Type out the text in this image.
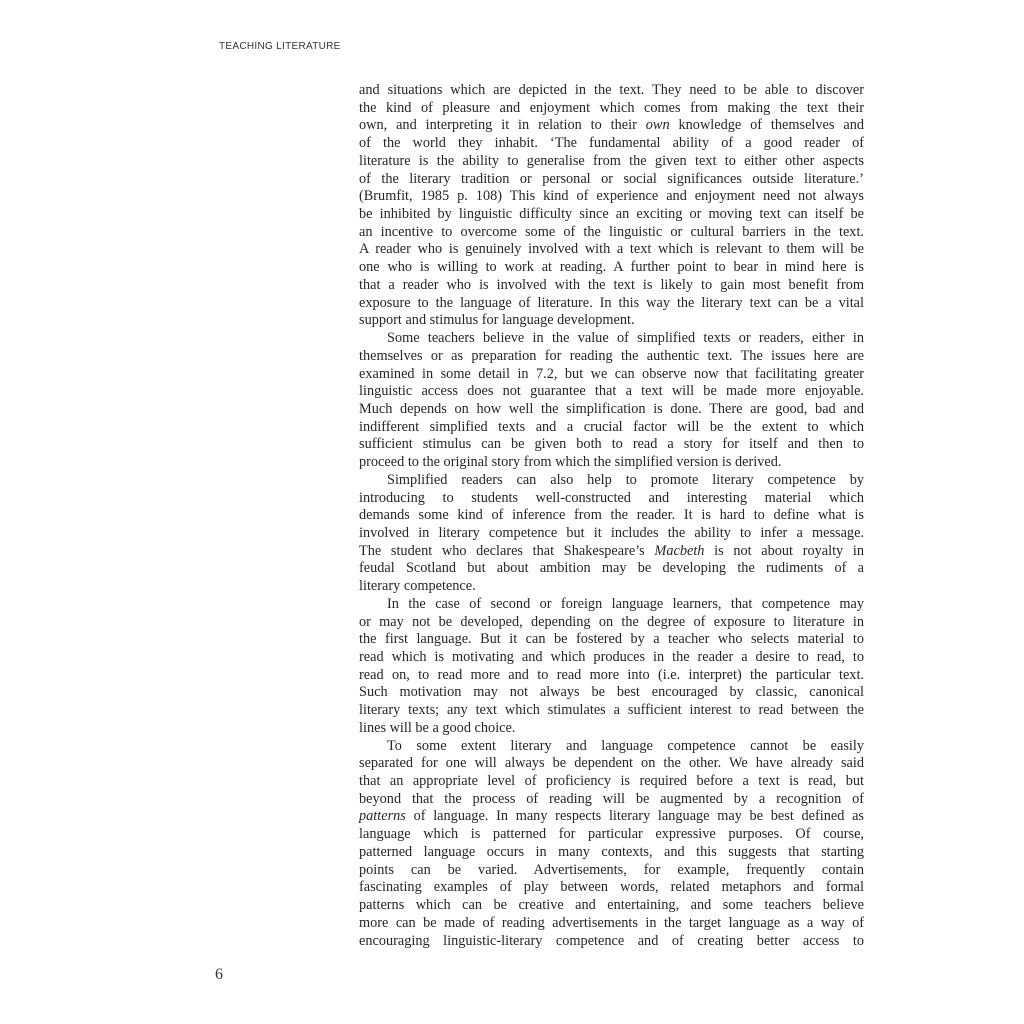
TEACHING LITERATURE
and situations which are depicted in the text. They need to be able to discover
the kind of pleasure and enjoyment which comes from making the text their
own, and interpreting it in relation to their own knowledge of themselves and
of the world they inhabit. ‘The fundamental ability of a good reader of
literature is the ability to generalise from the given text to either other aspects
of the literary tradition or personal or social significances outside literature.’
(Brumfit, 1985 p. 108) This kind of experience and enjoyment need not always
be inhibited by linguistic difficulty since an exciting or moving text can itself be
an incentive to overcome some of the linguistic or cultural barriers in the text.
A reader who is genuinely involved with a text which is relevant to them will be
one who is willing to work at reading. A further point to bear in mind here is
that a reader who is involved with the text is likely to gain most benefit from
exposure to the language of literature. In this way the literary text can be a vital
support and stimulus for language development.
Some teachers believe in the value of simplified texts or readers, either in
themselves or as preparation for reading the authentic text. The issues here are
examined in some detail in 7.2, but we can observe now that facilitating greater
linguistic access does not guarantee that a text will be made more enjoyable.
Much depends on how well the simplification is done. There are good, bad and
indifferent simplified texts and a crucial factor will be the extent to which
sufficient stimulus can be given both to read a story for itself and then to
proceed to the original story from which the simplified version is derived.
Simplified readers can also help to promote literary competence by
introducing to students well-constructed and interesting material which
demands some kind of inference from the reader. It is hard to define what is
involved in literary competence but it includes the ability to infer a message.
The student who declares that Shakespeare’s Macbeth is not about royalty in
feudal Scotland but about ambition may be developing the rudiments of a
literary competence.
In the case of second or foreign language learners, that competence may
or may not be developed, depending on the degree of exposure to literature in
the first language. But it can be fostered by a teacher who selects material to
read which is motivating and which produces in the reader a desire to read, to
read on, to read more and to read more into (i.e. interpret) the particular text.
Such motivation may not always be best encouraged by classic, canonical
literary texts; any text which stimulates a sufficient interest to read between the
lines will be a good choice.
To some extent literary and language competence cannot be easily
separated for one will always be dependent on the other. We have already said
that an appropriate level of proficiency is required before a text is read, but
beyond that the process of reading will be augmented by a recognition of
patterns of language. In many respects literary language may be best defined as
language which is patterned for particular expressive purposes. Of course,
patterned language occurs in many contexts, and this suggests that starting
points can be varied. Advertisements, for example, frequently contain
fascinating examples of play between words, related metaphors and formal
patterns which can be creative and entertaining, and some teachers believe
more can be made of reading advertisements in the target language as a way of
encouraging linguistic-literary competence and of creating better access to
6
